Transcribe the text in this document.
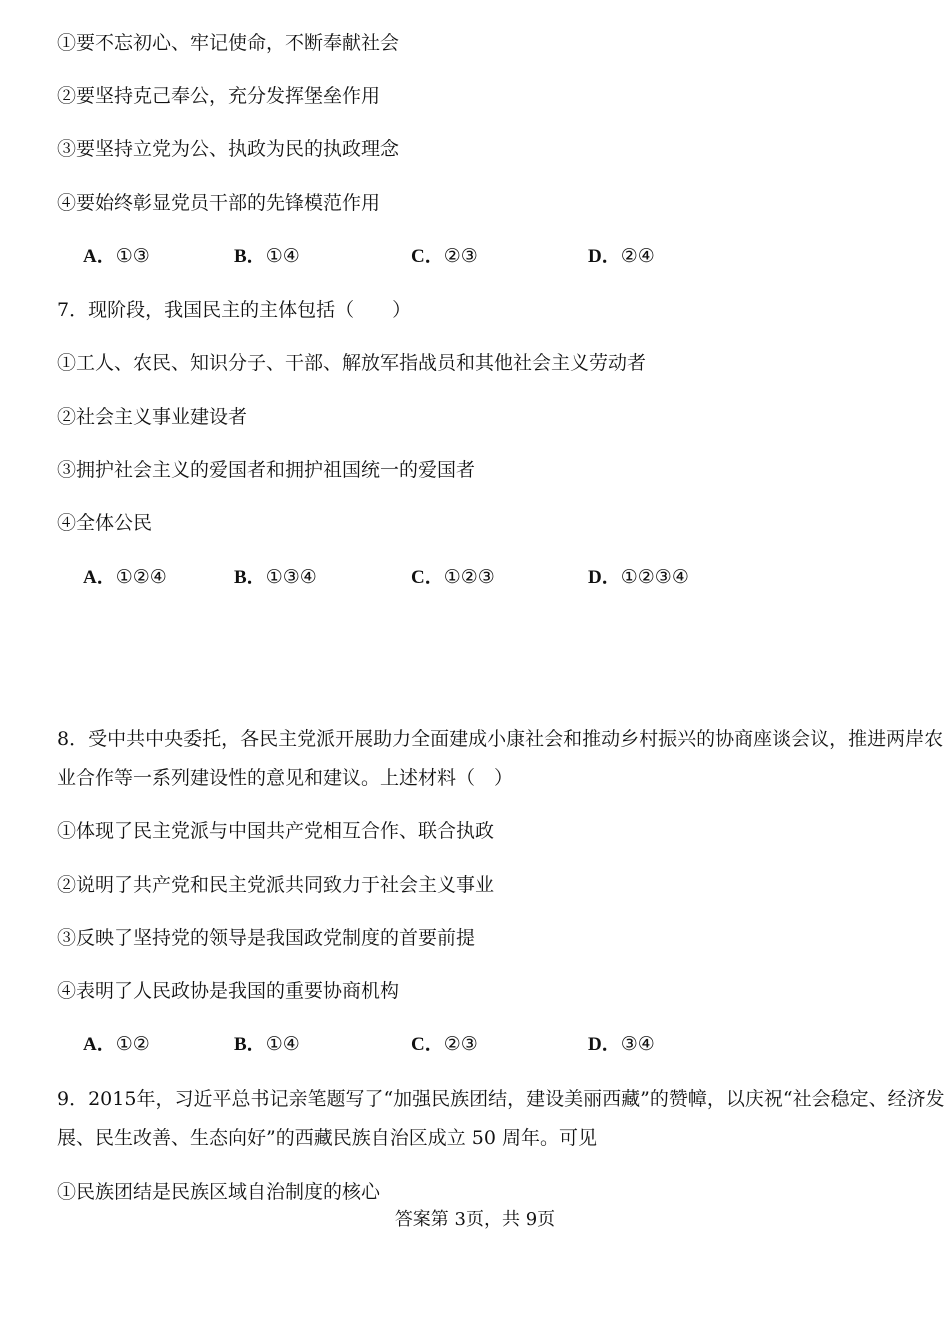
①要不忘初心、牢记使命，不断奉献社会
②要坚持克己奉公，充分发挥堡垒作用
③要坚持立党为公、执政为民的执政理念
④要始终彰显党员干部的先锋模范作用
A．①③	B．①④	C．②③	D．②④
7．现阶段，我国民主的主体包括（　　）
①工人、农民、知识分子、干部、解放军指战员和其他社会主义劳动者
②社会主义事业建设者
③拥护社会主义的爱国者和拥护祖国统一的爱国者
④全体公民
A．①②④	B．①③④	C．①②③	D．①②③④
8．受中共中央委托，各民主党派开展助力全面建成小康社会和推动乡村振兴的协商座谈会议，推进两岸农
业合作等一系列建设性的意见和建议。上述材料（　）
①体现了民主党派与中国共产党相互合作、联合执政
②说明了共产党和民主党派共同致力于社会主义事业
③反映了坚持党的领导是我国政党制度的首要前提
④表明了人民政协是我国的重要协商机构
A．①②	B．①④	C．②③	D．③④
9．2015年，习近平总书记亲笔题写了“加强民族团结，建设美丽西藏”的赞幛，以庆祝“社会稳定、经济发
展、民生改善、生态向好”的西藏民族自治区成立 50 周年。可见
①民族团结是民族区域自治制度的核心
答案第 3页，共 9页
